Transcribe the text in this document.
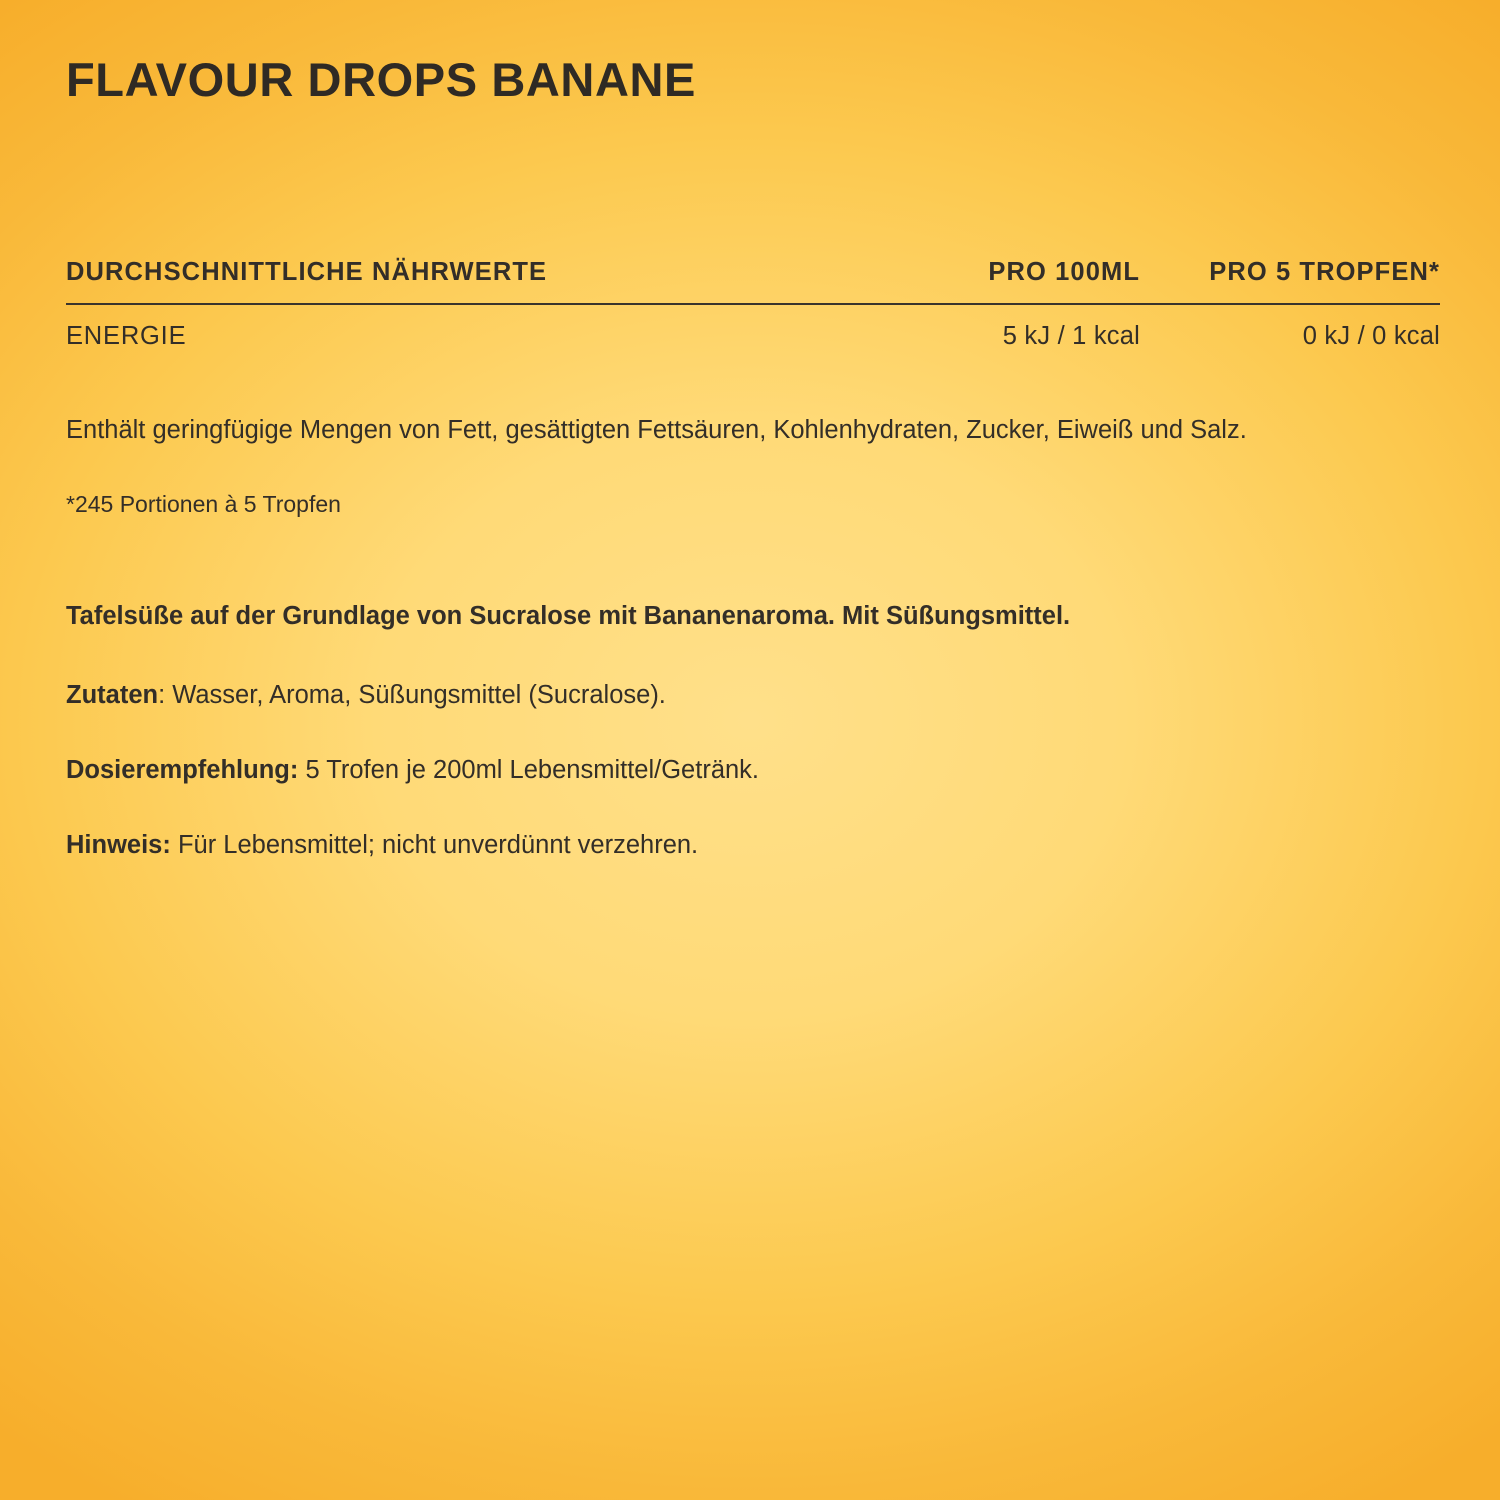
FLAVOUR DROPS BANANE
DURCHSCHNITTLICHE NÄHRWERTE	PRO 100ML	PRO 5 TROPFEN*
ENERGIE	5 kJ / 1 kcal	0 kJ / 0 kcal

Enthält geringfügige Mengen von Fett, gesättigten Fettsäuren, Kohlenhydraten, Zucker, Eiweiß und Salz.

*245 Portionen à 5 Tropfen

Tafelsüße auf der Grundlage von Sucralose mit Bananenaroma. Mit Süßungsmittel.

Zutaten: Wasser, Aroma, Süßungsmittel (Sucralose).

Dosierempfehlung: 5 Trofen je 200ml Lebensmittel/Getränk.

Hinweis: Für Lebensmittel; nicht unverdünnt verzehren.
